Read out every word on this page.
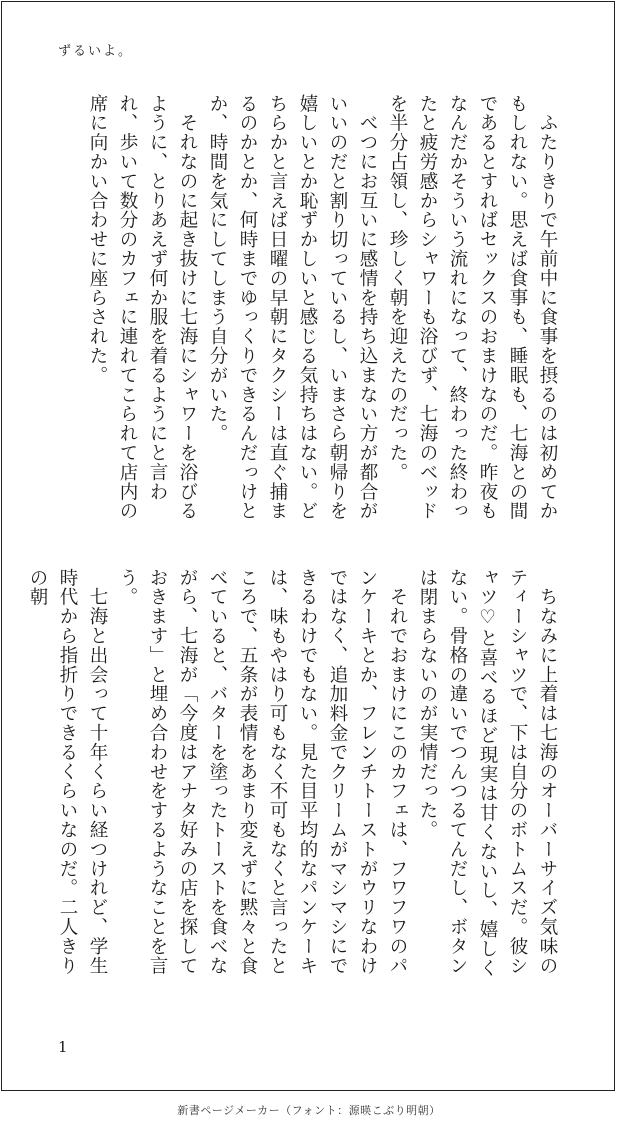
ずるいよ。

　ふたりきりで午前中に食事を摂るのは初めてかもしれない。思えば食事も、睡眠も、七海との間であるとすればセックスのおまけなのだ。昨夜もなんだかそういう流れになって、終わった終わったと疲労感からシャワーも浴びず、七海のベッドを半分占領し、珍しく朝を迎えたのだった。

　べつにお互いに感情を持ち込まない方が都合がいいのだと割り切っているし、いまさら朝帰りを嬉しいとか恥ずかしいと感じる気持ちはない。どちらかと言えば日曜の早朝にタクシーは直ぐ捕まるのかとか、何時までゆっくりできるんだっけとか、時間を気にしてしまう自分がいた。

　それなのに起き抜けに七海にシャワーを浴びるように、とりあえず何か服を着るようにと言われ、歩いて数分のカフェに連れてこられて店内の席に向かい合わせに座らされた。

　ちなみに上着は七海のオーバーサイズ気味のティーシャツで、下は自分のボトムスだ。彼シャツ♡と喜べるほど現実は甘くないし、嬉しくない。骨格の違いでつんつるてんだし、ボタンは閉まらないのが実情だった。

　それでおまけにこのカフェは、フワフワのパンケーキとか、フレンチトーストがウリなわけではなく、追加料金でクリームがマシマシにできるわけでもない。見た目平均的なパンケーキは、味もやはり可もなく不可もなくと言ったところで、五条が表情をあまり変えずに黙々と食べていると、バターを塗ったトーストを食べながら、七海が「今度はアナタ好みの店を探しておきます」と埋め合わせをするようなことを言う。

　七海と出会って十年くらい経つけれど、学生時代から指折りできるくらいなのだ。二人きりの朝

1
新書ページメーカー（フォント：源暎こぶり明朝）
